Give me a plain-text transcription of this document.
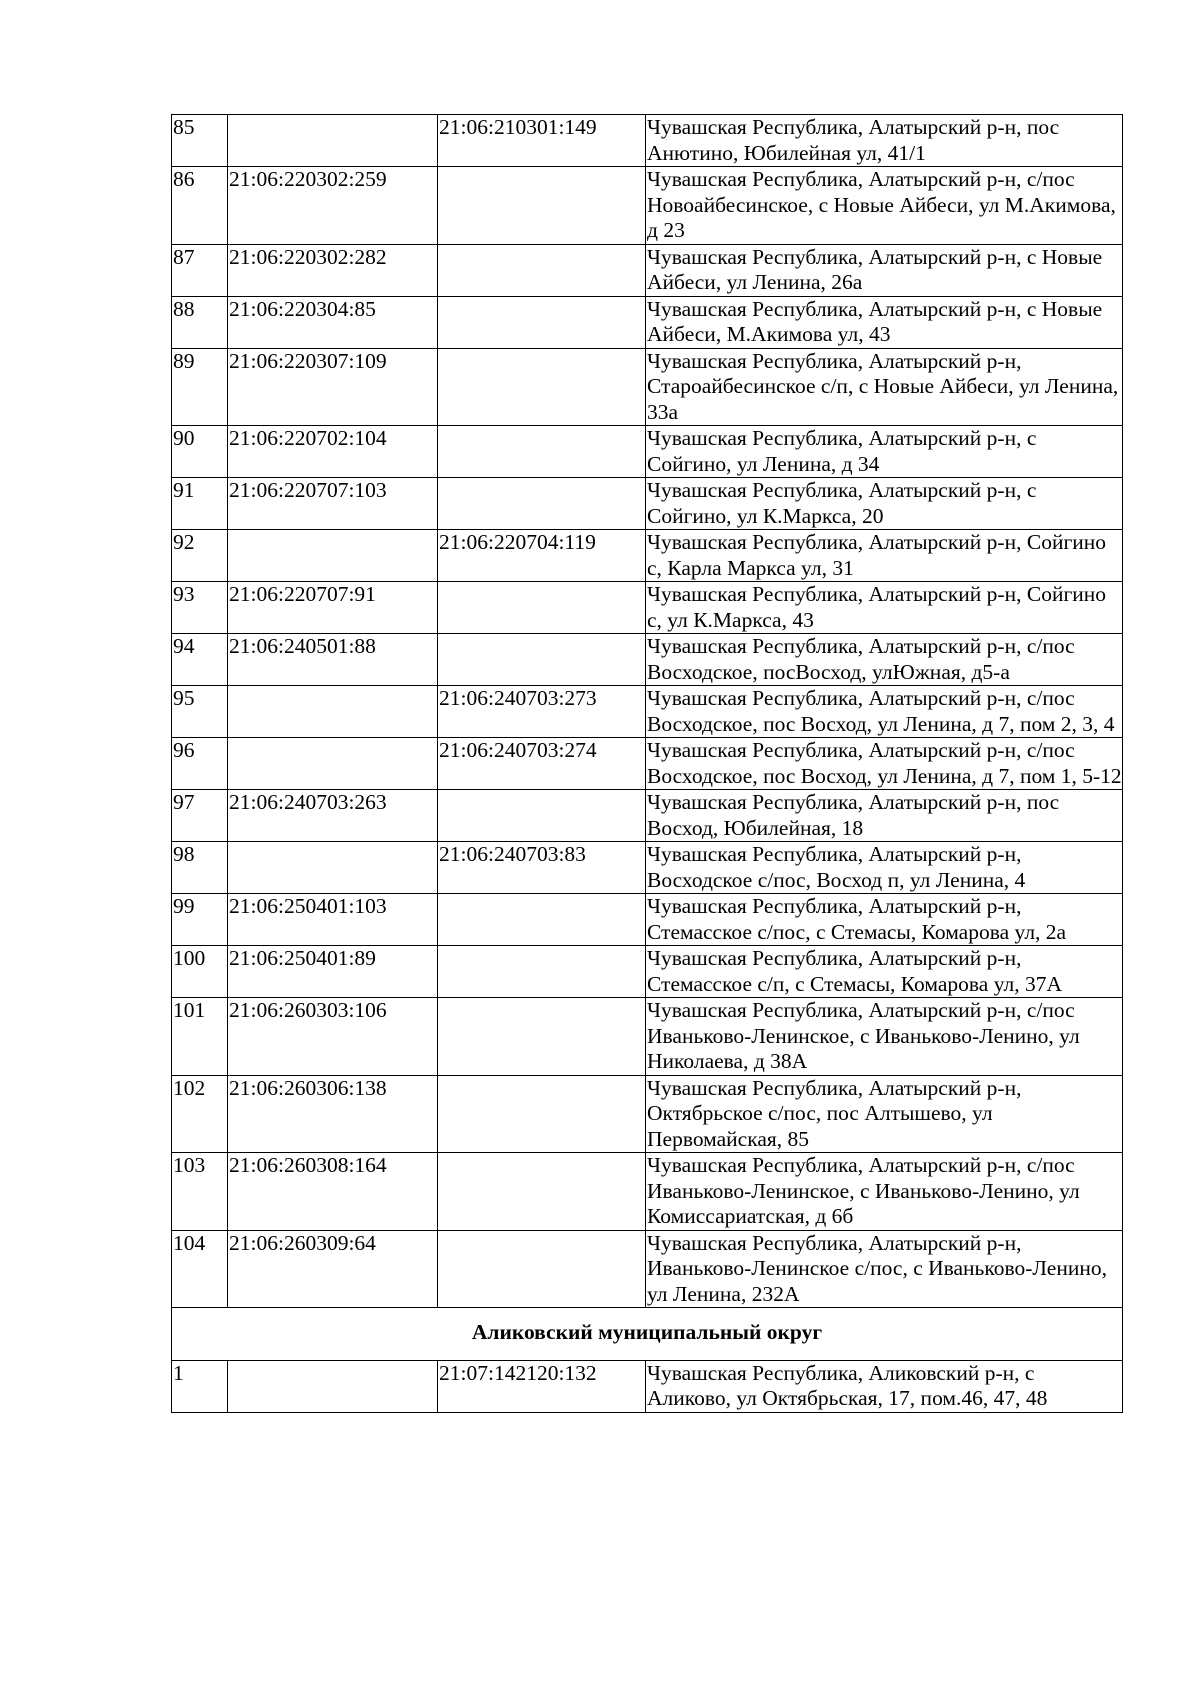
85		21:06:210301:149	Чувашская Республика, Алатырский р-н, пос Анютино, Юбилейная ул, 41/1
86	21:06:220302:259		Чувашская Республика, Алатырский р-н, с/пос Новоайбесинское, с Новые Айбеси, ул М.Акимова, д 23
87	21:06:220302:282		Чувашская Республика, Алатырский р-н, с Новые Айбеси, ул Ленина, 26а
88	21:06:220304:85		Чувашская Республика, Алатырский р-н, с Новые Айбеси, М.Акимова ул, 43
89	21:06:220307:109		Чувашская Республика, Алатырский р-н, Староайбесинское с/п, с Новые Айбеси, ул Ленина, 33а
90	21:06:220702:104		Чувашская Республика, Алатырский р-н, с Сойгино, ул Ленина, д 34
91	21:06:220707:103		Чувашская Республика, Алатырский р-н, с Сойгино, ул К.Маркса, 20
92		21:06:220704:119	Чувашская Республика, Алатырский р-н, Сойгино с, Карла Маркса ул, 31
93	21:06:220707:91		Чувашская Республика, Алатырский р-н, Сойгино с, ул К.Маркса, 43
94	21:06:240501:88		Чувашская Республика, Алатырский р-н, с/пос Восходское, посВосход, улЮжная, д5-а
95		21:06:240703:273	Чувашская Республика, Алатырский р-н, с/пос Восходское, пос Восход, ул Ленина, д 7, пом 2, 3, 4
96		21:06:240703:274	Чувашская Республика, Алатырский р-н, с/пос Восходское, пос Восход, ул Ленина, д 7, пом 1, 5-12
97	21:06:240703:263		Чувашская Республика, Алатырский р-н, пос Восход, Юбилейная, 18
98		21:06:240703:83	Чувашская Республика, Алатырский р-н, Восходское с/пос, Восход п, ул Ленина, 4
99	21:06:250401:103		Чувашская Республика, Алатырский р-н, Стемасское с/пос, с Стемасы, Комарова ул, 2а
100	21:06:250401:89		Чувашская Республика, Алатырский р-н, Стемасское с/п, с Стемасы, Комарова ул, 37А
101	21:06:260303:106		Чувашская Республика, Алатырский р-н, с/пос Иваньково-Ленинское, с Иваньково-Ленино, ул Николаева, д 38А
102	21:06:260306:138		Чувашская Республика, Алатырский р-н, Октябрьское с/пос, пос Алтышево, ул Первомайская, 85
103	21:06:260308:164		Чувашская Республика, Алатырский р-н, с/пос Иваньково-Ленинское, с Иваньково-Ленино, ул Комиссариатская, д 6б
104	21:06:260309:64		Чувашская Республика, Алатырский р-н, Иваньково-Ленинское с/пос, с Иваньково-Ленино, ул Ленина, 232А
Аликовский муниципальный округ			
1		21:07:142120:132	Чувашская Республика, Аликовский р-н, с Аликово, ул Октябрьская, 17, пом.46, 47, 48
